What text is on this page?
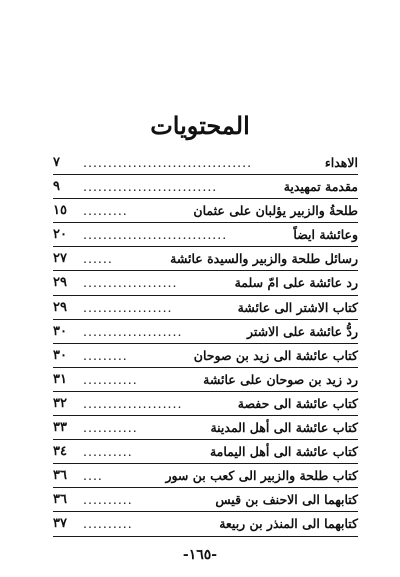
المحتويات
الاهداء
..................................
٧
مقدمة تمهيدية
...........................
٩
طلحةُ والزبير يؤلبان على عثمان
.........
١٥
وعائشة ايضاً
.............................
٢٠
رسائل طلحة والزبير والسيدة عائشة
......
٢٧
رد عائشة على امّ سلمة
...................
٢٩
كتاب الاشتر الى عائشة
..................
٢٩
ردُّ عائشة على الاشتر
....................
٣٠
كتاب عائشة الى زيد بن صوحان
.........
٣٠
رد زيد بن صوحان على عائشة
...........
٣١
كتاب عائشة الى حفصة
....................
٣٢
كتاب عائشة الى أهل المدينة
...........
٣٣
كتاب عائشة الى أهل اليمامة
..........
٣٤
كتاب طلحة والزبير الى كعب بن سور
....
٣٦
كتابهما الى الاحنف بن قيس
..........
٣٦
كتابهما الى المنذر بن ربيعة
..........
٣٧
-١٦٥-
